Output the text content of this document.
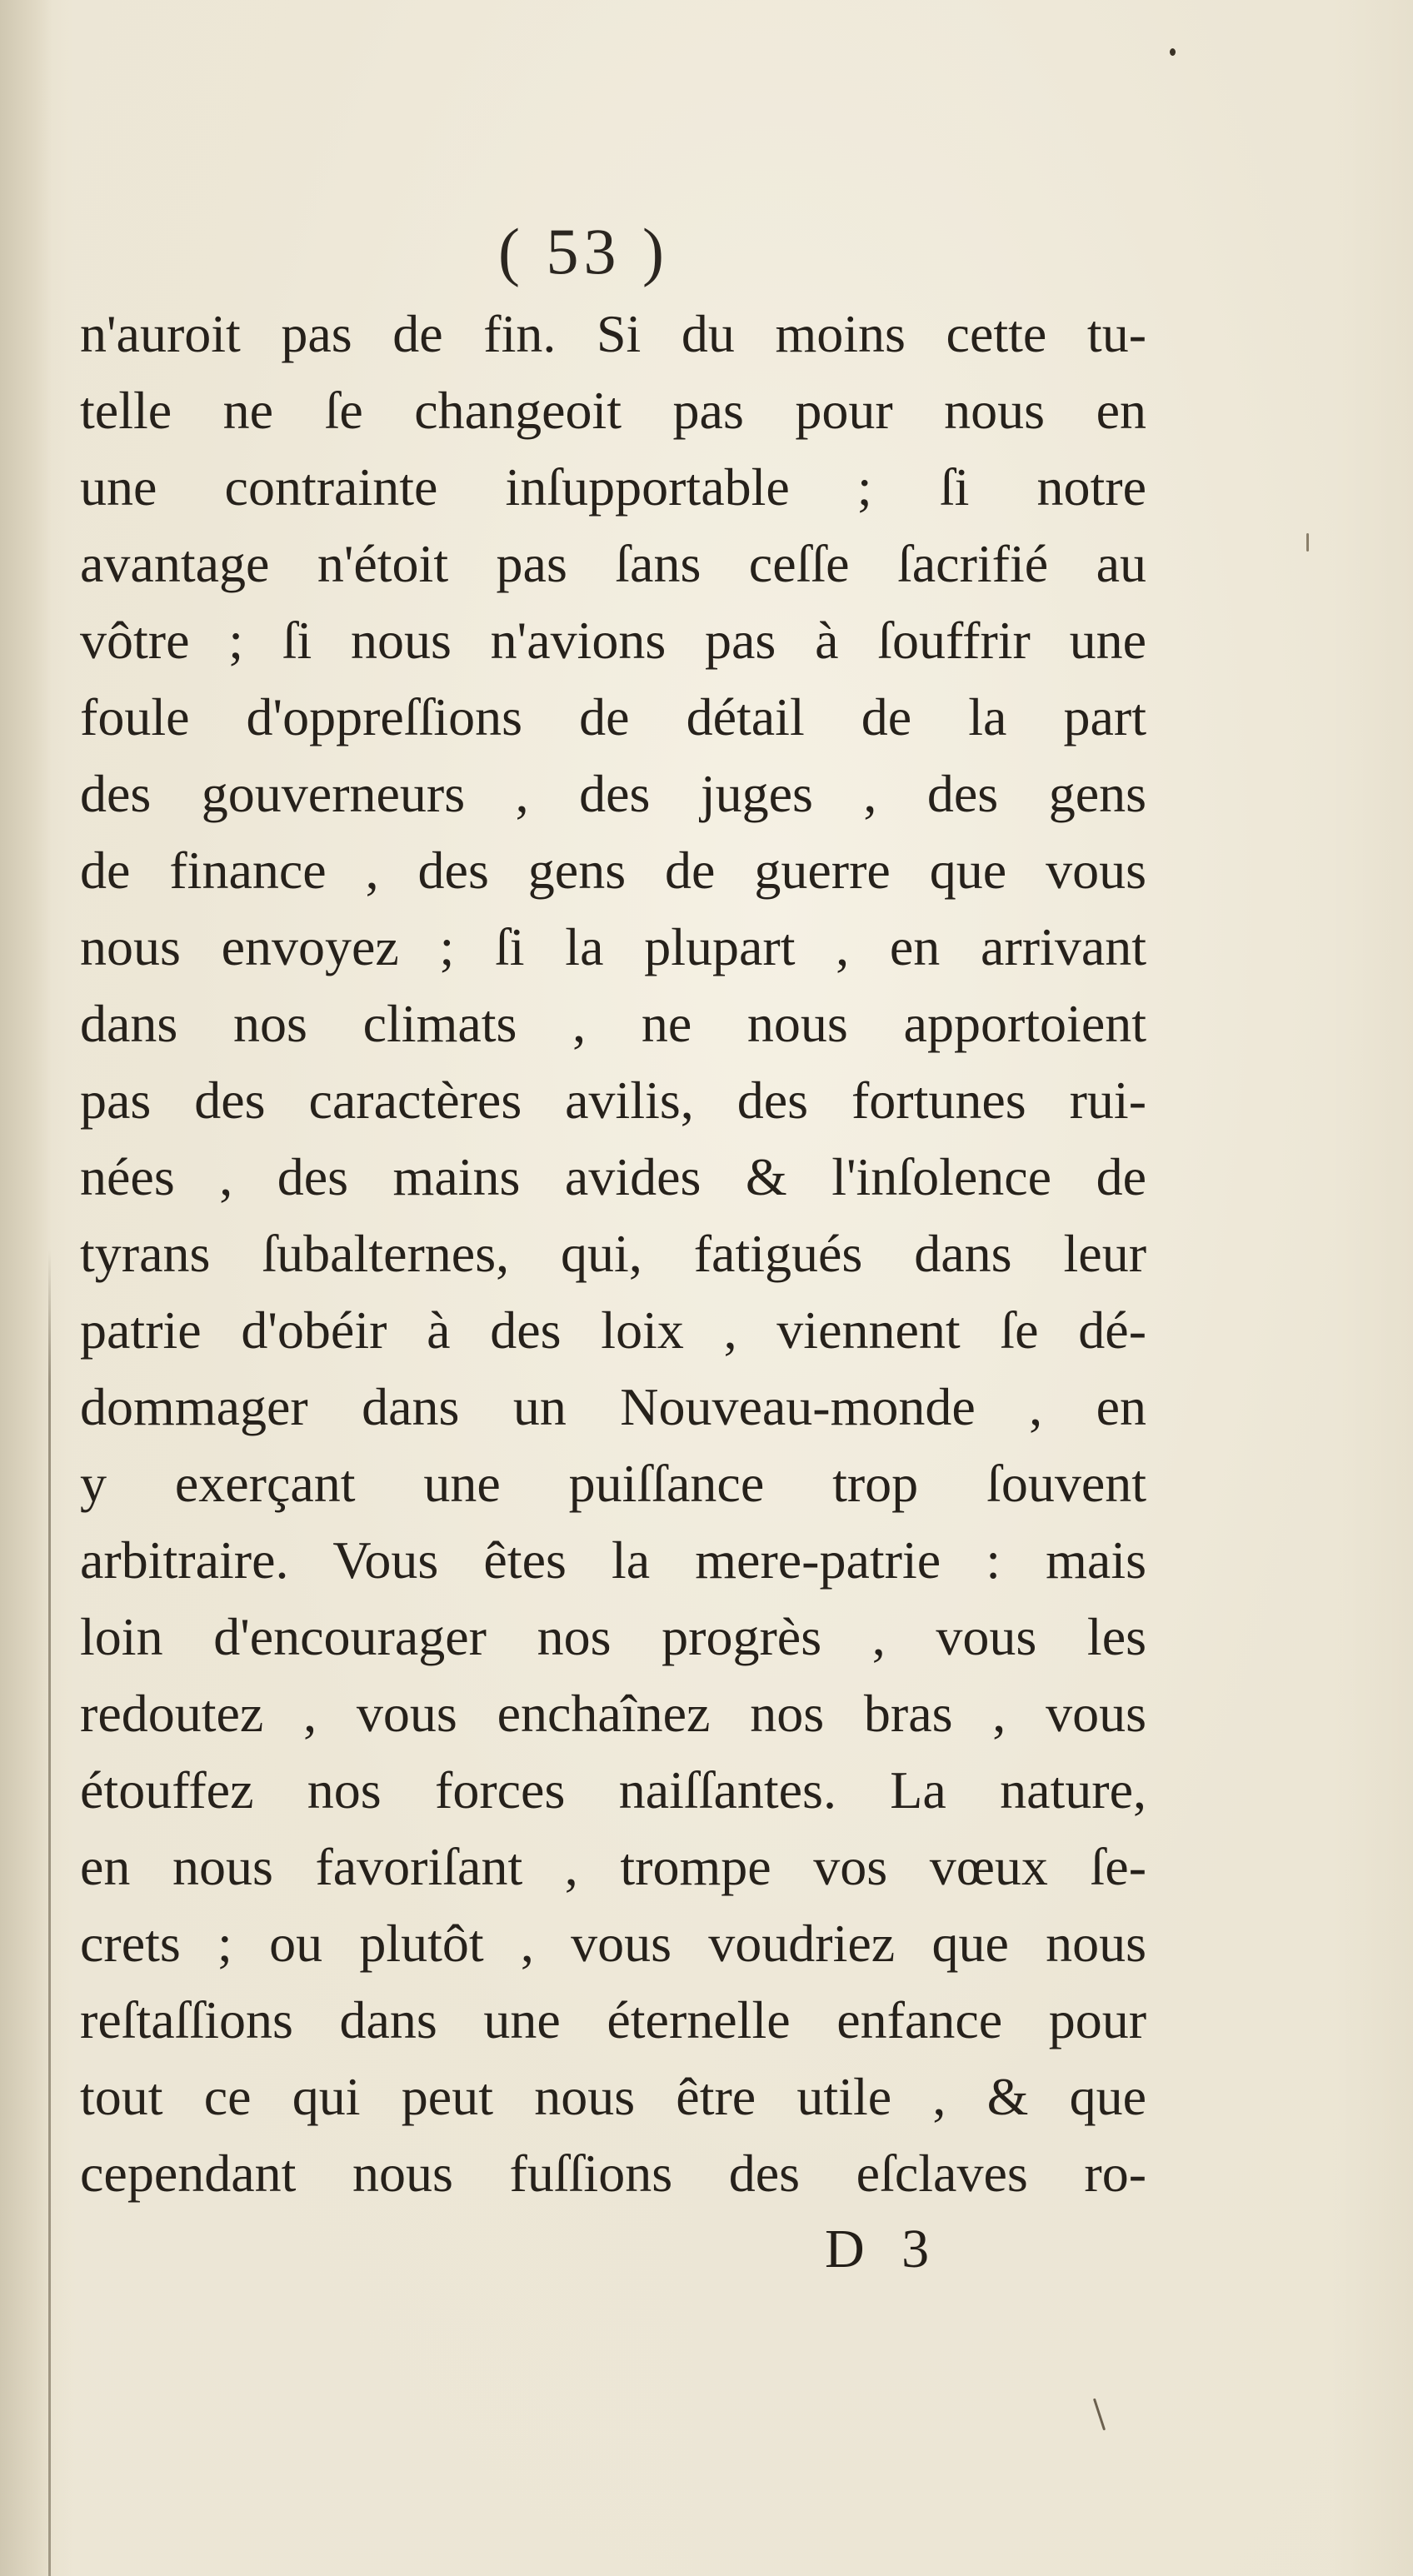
( 53 )
n'auroit pas de fin. Si du moins cette tu-
telle ne ſe changeoit pas pour nous en
une contrainte inſupportable ; ſi notre
avantage n'étoit pas ſans ceſſe ſacrifié au
vôtre ; ſi nous n'avions pas à ſouffrir une
foule d'oppreſſions de détail de la part
des gouverneurs , des juges , des gens
de finance , des gens de guerre que vous
nous envoyez ; ſi la plupart , en arrivant
dans nos climats , ne nous apportoient
pas des caractères avilis, des fortunes rui-
nées , des mains avides & l'inſolence de
tyrans ſubalternes, qui, fatigués dans leur
patrie d'obéir à des loix , viennent ſe dé-
dommager dans un Nouveau-monde , en
y exerçant une puiſſance trop ſouvent
arbitraire. Vous êtes la mere-patrie : mais
loin d'encourager nos progrès , vous les
redoutez , vous enchaînez nos bras , vous
étouffez nos forces naiſſantes. La nature,
en nous favoriſant , trompe vos vœux ſe-
crets ; ou plutôt , vous voudriez que nous
reſtaſſions dans une éternelle enfance pour
tout ce qui peut nous être utile , & que
cependant nous fuſſions des eſclaves ro-
D 3
